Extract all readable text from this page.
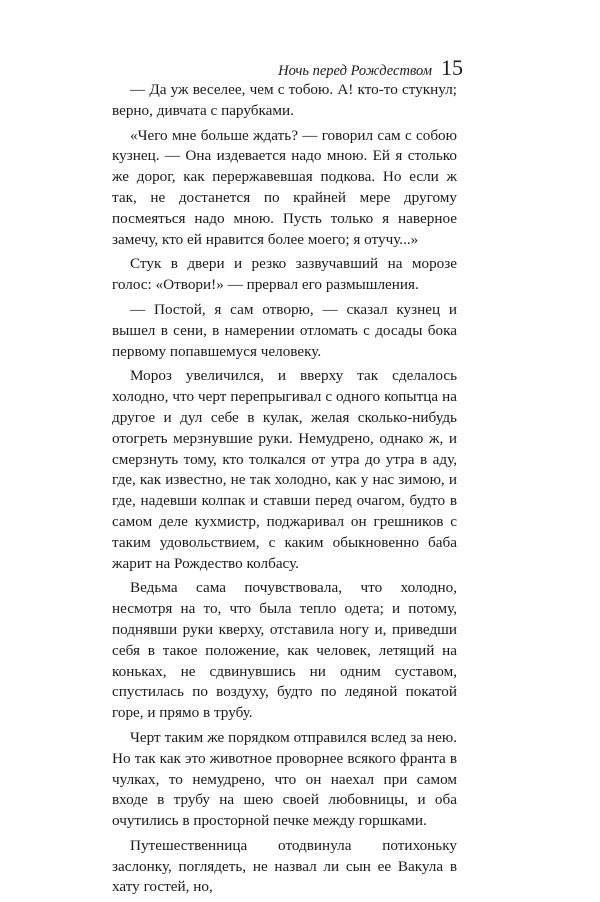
Ночь перед Рождеством 15

— Да уж веселее, чем с тобою. А! кто-то стукнул; верно, дивчата с парубками.

«Чего мне больше ждать? — говорил сам с собою кузнец. — Она издевается надо мною. Ей я столько же дорог, как перержавевшая подкова. Но если ж так, не достанется по крайней мере другому посмеяться надо мною. Пусть только я наверное замечу, кто ей нравится более моего; я отучу...»

Стук в двери и резко зазвучавший на морозе голос: «Отвори!» — прервал его размышления.

— Постой, я сам отворю, — сказал кузнец и вышел в сени, в намерении отломать с досады бока первому попавшемуся человеку.

Мороз увеличился, и вверху так сделалось холодно, что черт перепрыгивал с одного копытца на другое и дул себе в кулак, желая сколько-нибудь отогреть мерзнувшие руки. Немудрено, однако ж, и смерзнуть тому, кто толкался от утра до утра в аду, где, как известно, не так холодно, как у нас зимою, и где, надевши колпак и ставши перед очагом, будто в самом деле кухмистр, поджаривал он грешников с таким удовольствием, с каким обыкновенно баба жарит на Рождество колбасу.

Ведьма сама почувствовала, что холодно, несмотря на то, что была тепло одета; и потому, поднявши руки кверху, отставила ногу и, приведши себя в такое положение, как человек, летящий на коньках, не сдвинувшись ни одним суставом, спустилась по воздуху, будто по ледяной покатой горе, и прямо в трубу.

Черт таким же порядком отправился вслед за нею. Но так как это животное проворнее всякого франта в чулках, то немудрено, что он наехал при самом входе в трубу на шею своей любовницы, и оба очутились в просторной печке между горшками.

Путешественница отодвинула потихоньку заслонку, поглядеть, не назвал ли сын ее Вакула в хату гостей, но,
